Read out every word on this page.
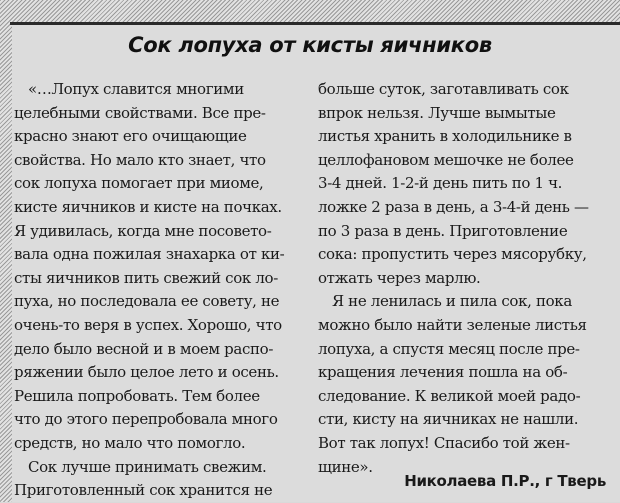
Сок лопуха от кисты яичников
«…Лопух славится многими
целебными свойствами. Все пре-
красно знают его очищающие
свойства. Но мало кто знает, что
сок лопуха помогает при миоме,
кисте яичников и кисте на почках.
Я удивилась, когда мне посовето-
вала одна пожилая знахарка от ки-
сты яичников пить свежий сок ло-
пуха, но последовала ее совету, не
очень-то веря в успех. Хорошо, что
дело было весной и в моем распо-
ряжении было целое лето и осень.
Решила попробовать. Тем более
что до этого перепробовала много
средств, но мало что помогло.
Сок лучше принимать свежим.
Приготовленный сок хранится не
больше суток, заготавливать сок
впрок нельзя. Лучше вымытые
листья хранить в холодильнике в
целлофановом мешочке не более
3-4 дней. 1-2-й день пить по 1 ч.
ложке 2 раза в день, а 3-4-й день —
по 3 раза в день. Приготовление
сока: пропустить через мясорубку,
отжать через марлю.
Я не ленилась и пила сок, пока
можно было найти зеленые листья
лопуха, а спустя месяц после пре-
кращения лечения пошла на об-
следование. К великой моей радо-
сти, кисту на яичниках не нашли.
Вот так лопух! Спасибо той жен-
щине».
Николаева П.Р., г Тверь
